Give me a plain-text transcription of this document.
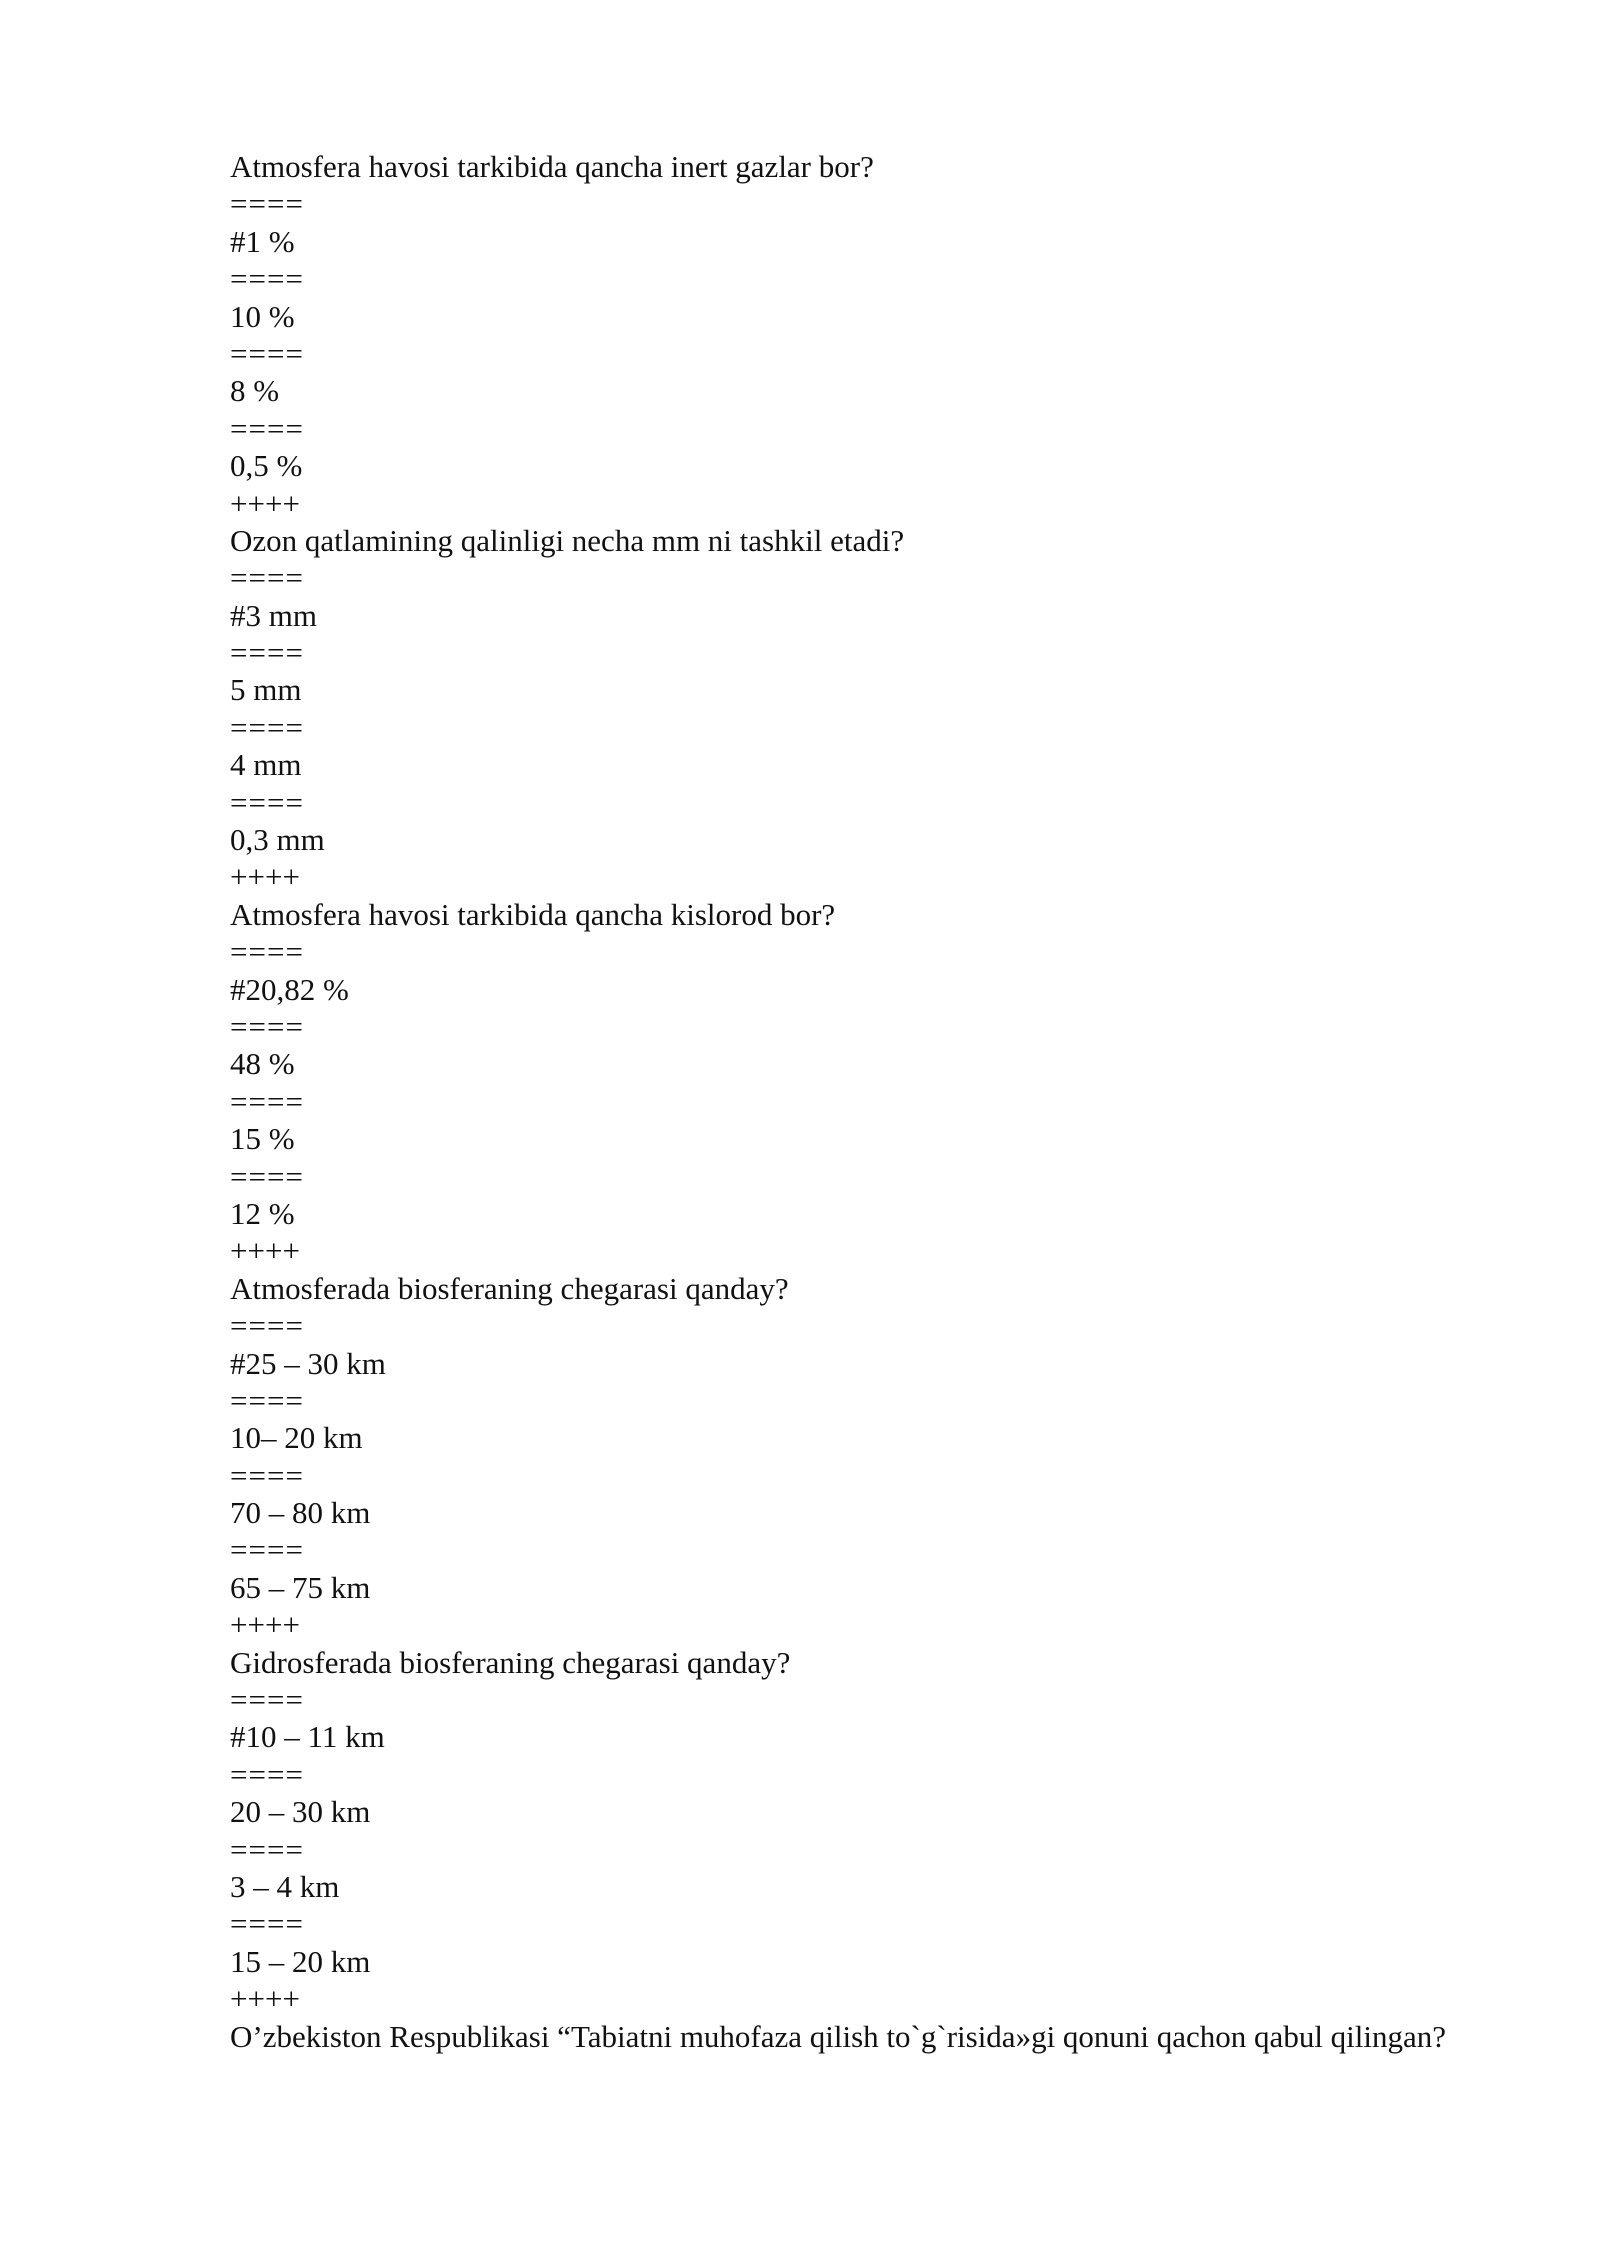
Atmosfera havosi tarkibida qancha inert gazlar bor?

====

#1 %

====

10 %

====

8 %

====

0,5 %

++++

Ozon qatlamining qalinligi necha mm ni tashkil etadi?

====

#3 mm

====

5 mm

====

4 mm

====

0,3 mm

++++

Atmosfera havosi tarkibida qancha kislorod bor?

====

#20,82 %

====

48 %

====

15 %

====

12 %

++++

Atmosferada biosferaning chegarasi qanday?

====

#25 – 30 km

====

10– 20 km

====

70 – 80 km

====

65 – 75 km

++++

Gidrosferada biosferaning chegarasi qanday?

====

#10 – 11 km

====

20 – 30 km

====

3 – 4 km

====

15 – 20 km

++++

O’zbekiston Respublikasi “Tabiatni muhofaza qilish to`g`risida»gi qonuni qachon qabul qilingan?
